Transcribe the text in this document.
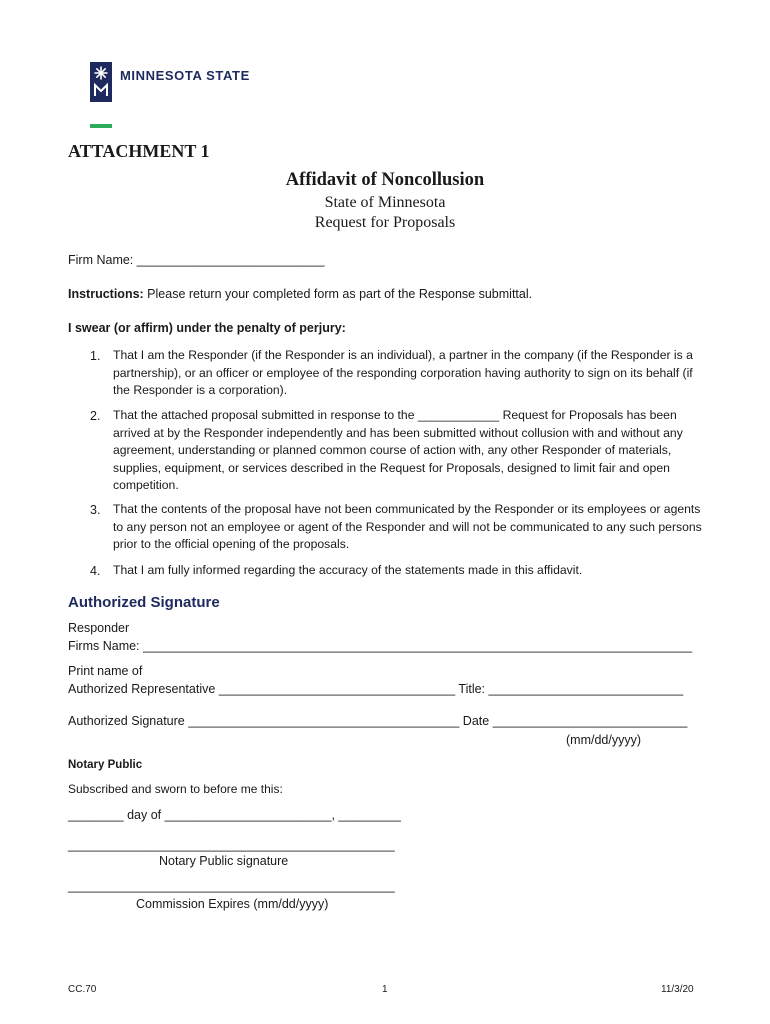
MINNESOTA STATE
ATTACHMENT 1
Affidavit of Noncollusion
State of Minnesota
Request for Proposals
Firm Name: ___________________________
Instructions: Please return your completed form as part of the Response submittal.
I swear (or affirm) under the penalty of perjury:
1. That I am the Responder (if the Responder is an individual), a partner in the company (if the Responder is a partnership), or an officer or employee of the responding corporation having authority to sign on its behalf (if the Responder is a corporation).
2. That the attached proposal submitted in response to the ____________ Request for Proposals has been arrived at by the Responder independently and has been submitted without collusion with and without any agreement, understanding or planned common course of action with, any other Responder of materials, supplies, equipment, or services described in the Request for Proposals, designed to limit fair and open competition.
3. That the contents of the proposal have not been communicated by the Responder or its employees or agents to any person not an employee or agent of the Responder and will not be communicated to any such persons prior to the official opening of the proposals.
4. That I am fully informed regarding the accuracy of the statements made in this affidavit.
Authorized Signature
Responder
Firms Name: _______________________________________________________________________________
Print name of
Authorized Representative __________________________________ Title: ____________________________
Authorized Signature _______________________________________ Date ____________________________
(mm/dd/yyyy)
Notary Public
Subscribed and sworn to before me this:
________ day of ________________________, _________
_______________________________________________
Notary Public signature
_______________________________________________
Commission Expires (mm/dd/yyyy)
CC.70	1	11/3/20
